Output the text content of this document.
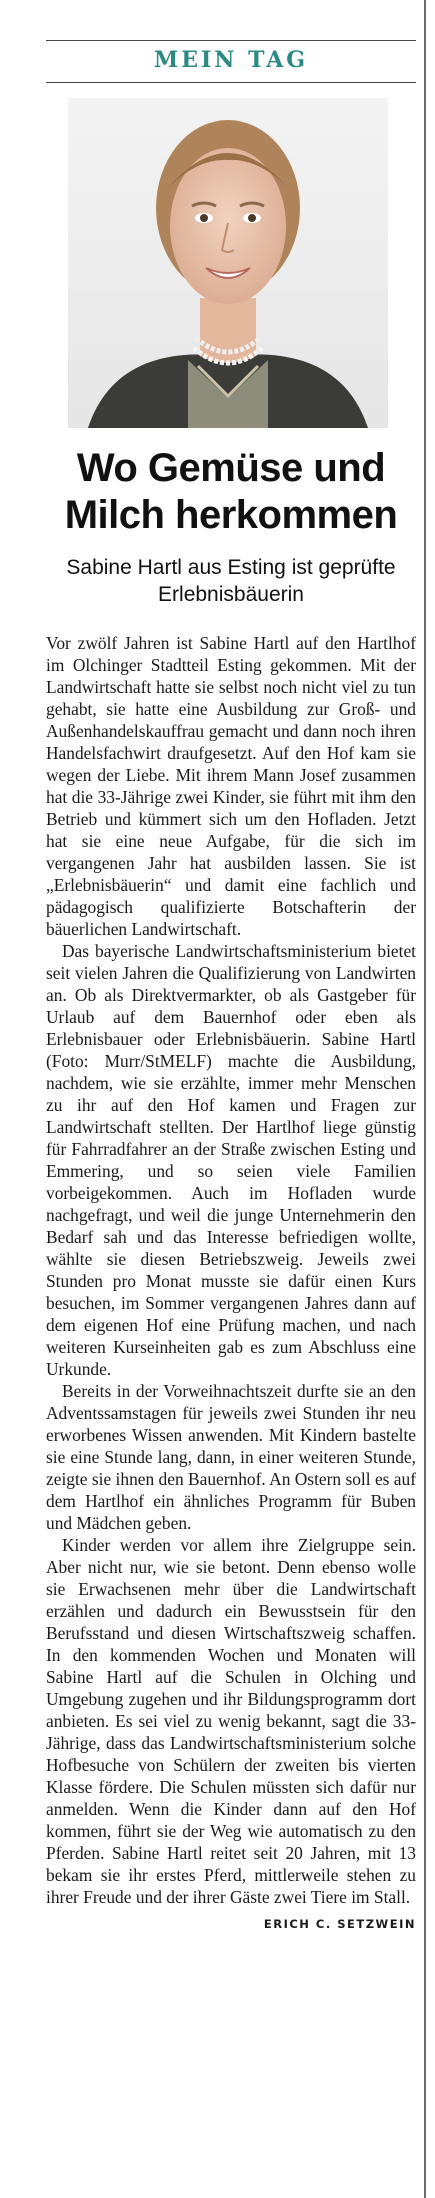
MEIN TAG
Wo Gemüse und Milch herkommen
Sabine Hartl aus Esting ist geprüfte Erlebnisbäuerin

Vor zwölf Jahren ist Sabine Hartl auf den Hartlhof im Olchinger Stadtteil Esting gekommen. Mit der Landwirtschaft hatte sie selbst noch nicht viel zu tun gehabt, sie hatte eine Ausbildung zur Groß- und Außenhandelskauffrau gemacht und dann noch ihren Handelsfachwirt draufgesetzt. Auf den Hof kam sie wegen der Liebe. Mit ihrem Mann Josef zusammen hat die 33-Jährige zwei Kinder, sie führt mit ihm den Betrieb und kümmert sich um den Hofladen. Jetzt hat sie eine neue Aufgabe, für die sich im vergangenen Jahr hat ausbilden lassen. Sie ist „Erlebnisbäuerin“ und damit eine fachlich und pädagogisch qualifizierte Botschafterin der bäuerlichen Landwirtschaft.

Das bayerische Landwirtschaftsministerium bietet seit vielen Jahren die Qualifizierung von Landwirten an. Ob als Direktvermarkter, ob als Gastgeber für Urlaub auf dem Bauernhof oder eben als Erlebnisbauer oder Erlebnisbäuerin. Sabine Hartl (Foto: Murr/StMELF) machte die Ausbildung, nachdem, wie sie erzählte, immer mehr Menschen zu ihr auf den Hof kamen und Fragen zur Landwirtschaft stellten. Der Hartlhof liege günstig für Fahrradfahrer an der Straße zwischen Esting und Emmering, und so seien viele Familien vorbeigekommen. Auch im Hofladen wurde nachgefragt, und weil die junge Unternehmerin den Bedarf sah und das Interesse befriedigen wollte, wählte sie diesen Betriebszweig. Jeweils zwei Stunden pro Monat musste sie dafür einen Kurs besuchen, im Sommer vergangenen Jahres dann auf dem eigenen Hof eine Prüfung machen, und nach weiteren Kurseinheiten gab es zum Abschluss eine Urkunde.

Bereits in der Vorweihnachtszeit durfte sie an den Adventssamstagen für jeweils zwei Stunden ihr neu erworbenes Wissen anwenden. Mit Kindern bastelte sie eine Stunde lang, dann, in einer weiteren Stunde, zeigte sie ihnen den Bauernhof. An Ostern soll es auf dem Hartlhof ein ähnliches Programm für Buben und Mädchen geben.

Kinder werden vor allem ihre Zielgruppe sein. Aber nicht nur, wie sie betont. Denn ebenso wolle sie Erwachsenen mehr über die Landwirtschaft erzählen und dadurch ein Bewusstsein für den Berufsstand und diesen Wirtschaftszweig schaffen. In den kommenden Wochen und Monaten will Sabine Hartl auf die Schulen in Olching und Umgebung zugehen und ihr Bildungsprogramm dort anbieten. Es sei viel zu wenig bekannt, sagt die 33-Jährige, dass das Landwirtschaftsministerium solche Hofbesuche von Schülern der zweiten bis vierten Klasse fördere. Die Schulen müssten sich dafür nur anmelden. Wenn die Kinder dann auf den Hof kommen, führt sie der Weg wie automatisch zu den Pferden. Sabine Hartl reitet seit 20 Jahren, mit 13 bekam sie ihr erstes Pferd, mittlerweile stehen zu ihrer Freude und der ihrer Gäste zwei Tiere im Stall.
ERICH C. SETZWEIN
